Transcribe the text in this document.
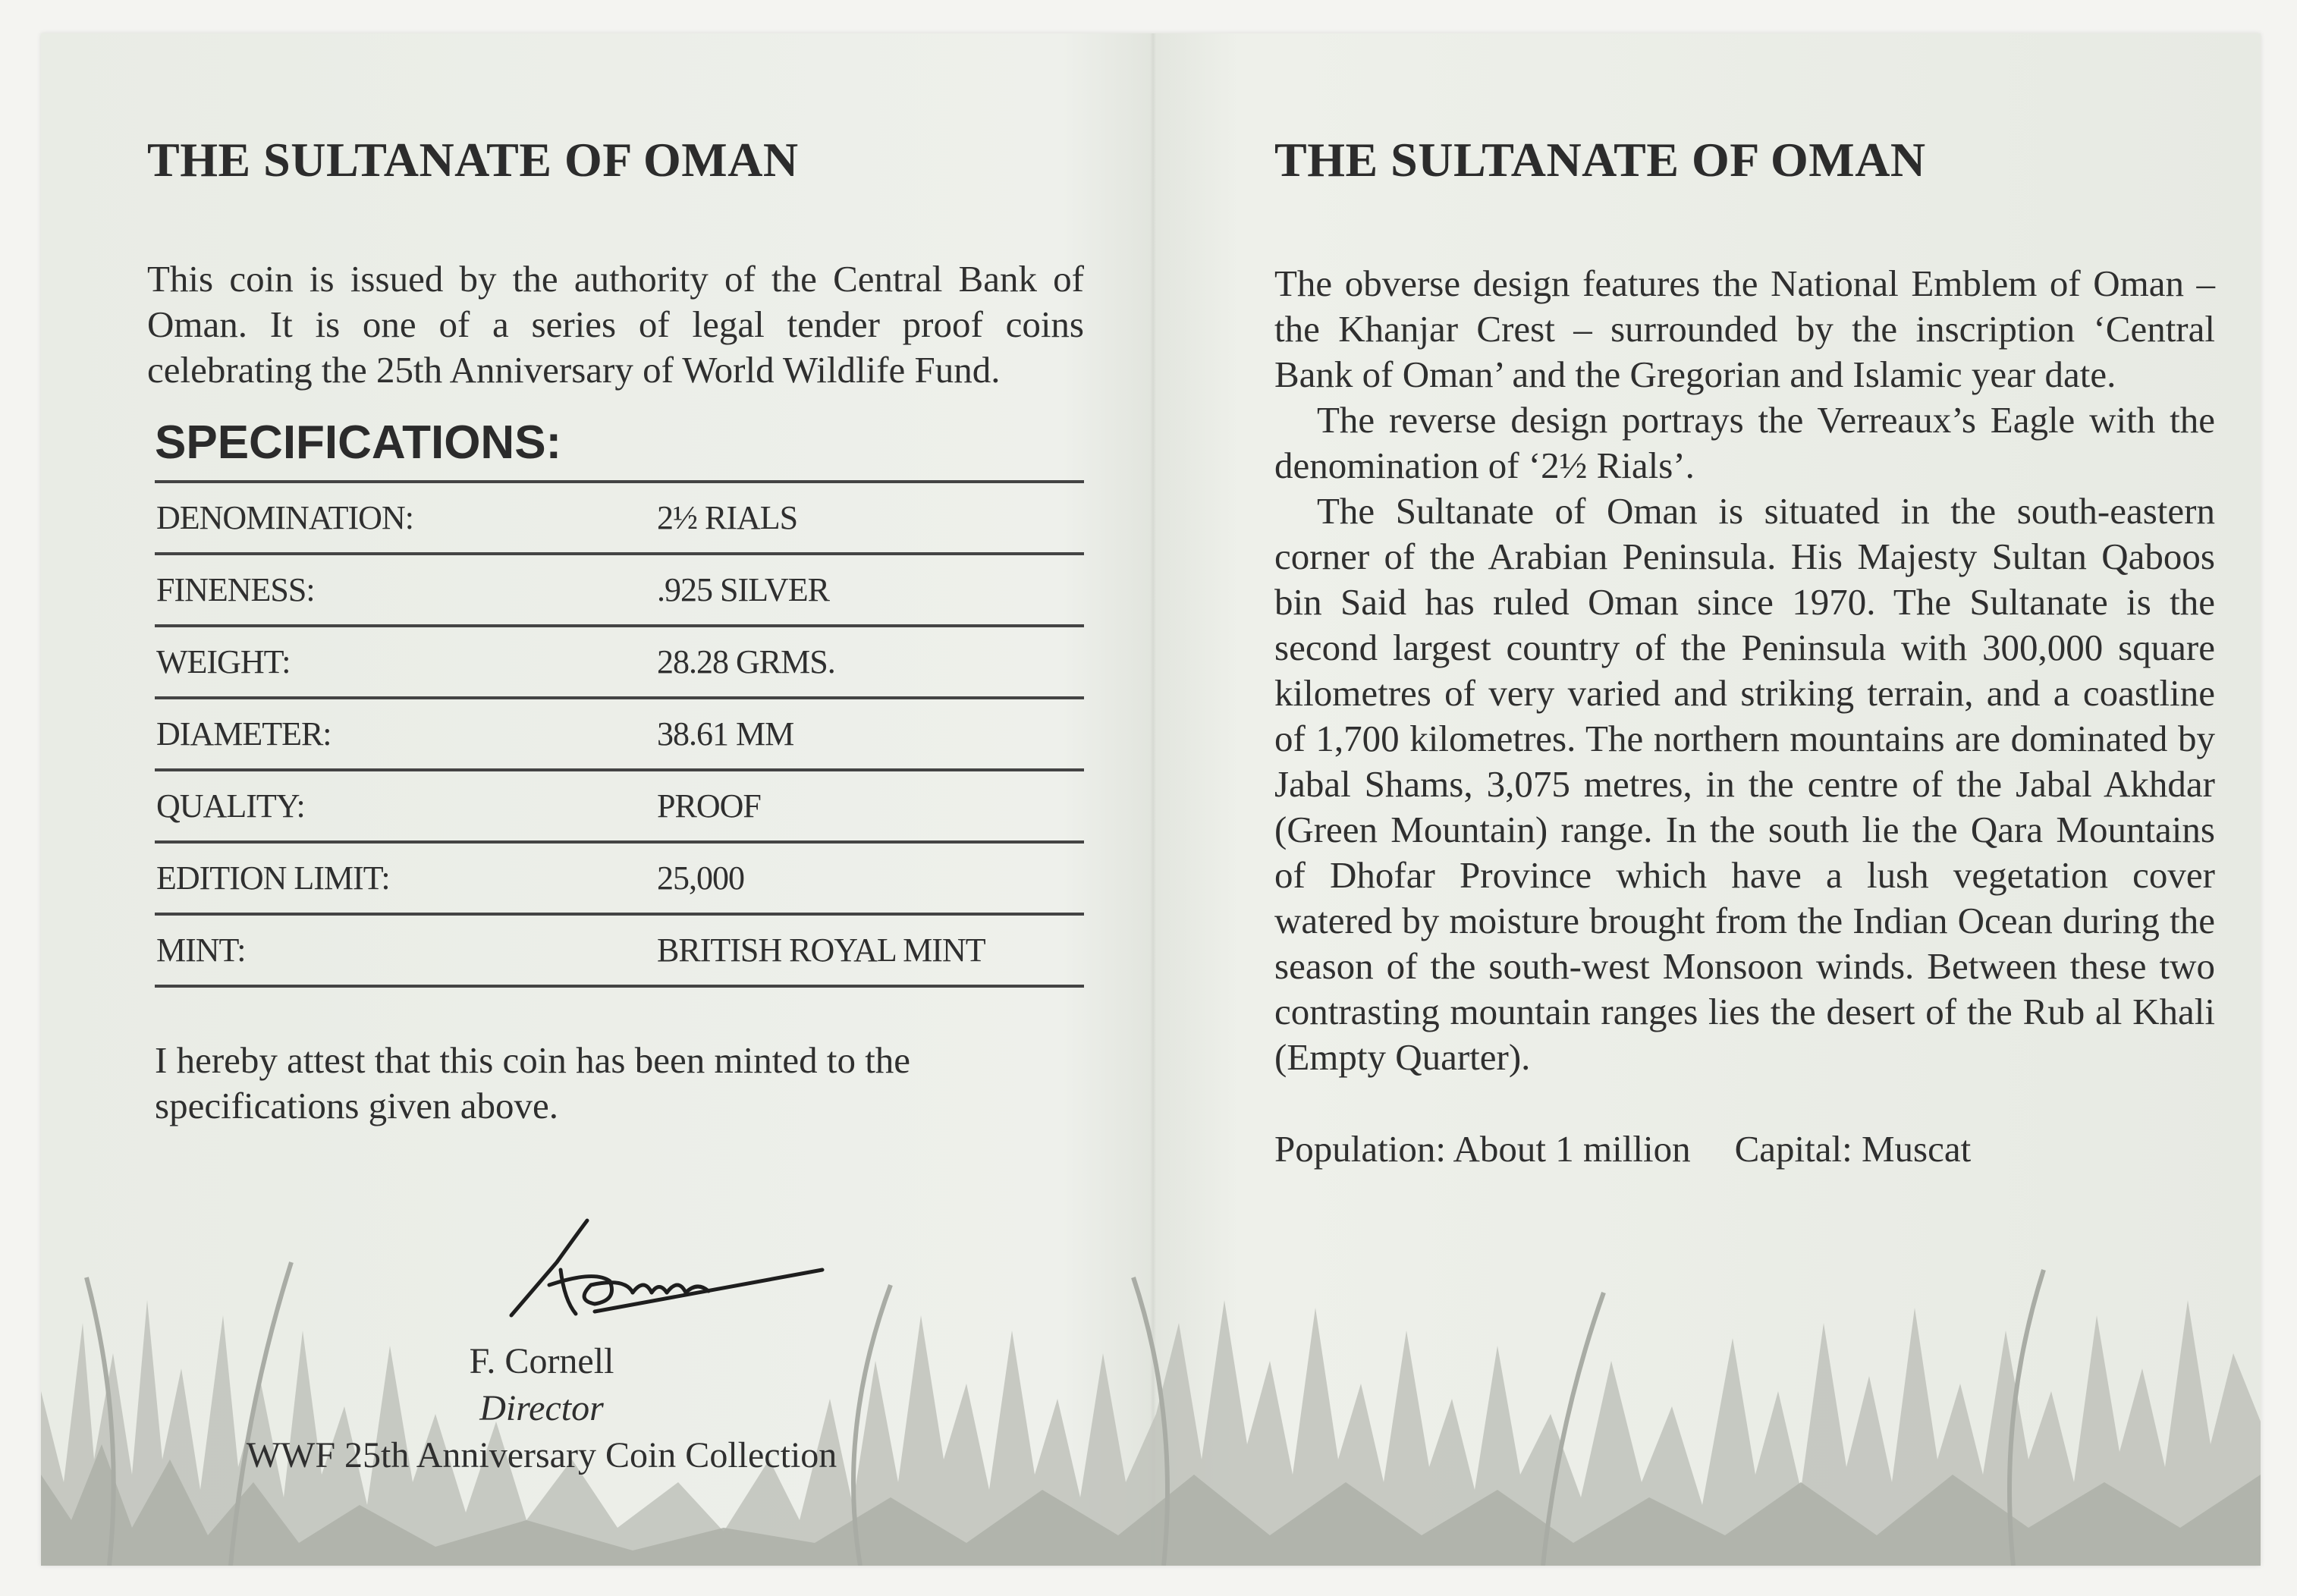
THE SULTANATE OF OMAN
This coin is issued by the authority of the Central Bank of Oman. It is one of a series of legal tender proof coins celebrating the 25th Anniversary of World Wildlife Fund.
SPECIFICATIONS:
DENOMINATION:	2½ RIALS
FINENESS:	.925 SILVER
WEIGHT:	28.28 GRMS.
DIAMETER:	38.61 MM
QUALITY:	PROOF
EDITION LIMIT:	25,000
MINT:	BRITISH ROYAL MINT
I hereby attest that this coin has been minted to the specifications given above.
F. Cornell
Director
WWF 25th Anniversary Coin Collection
THE SULTANATE OF OMAN

The obverse design features the National Emblem of Oman – the Khanjar Crest – surrounded by the inscription ‘Central Bank of Oman’ and the Gregorian and Islamic year date.

The reverse design portrays the Verreaux’s Eagle with the denomination of ‘2½ Rials’.

The Sultanate of Oman is situated in the south-eastern corner of the Arabian Peninsula. His Majesty Sultan Qaboos bin Said has ruled Oman since 1970. The Sultanate is the second largest country of the Peninsula with 300,000 square kilometres of very varied and striking terrain, and a coastline of 1,700 kilometres. The northern mountains are dominated by Jabal Shams, 3,075 metres, in the centre of the Jabal Akhdar (Green Mountain) range. In the south lie the Qara Mountains of Dhofar Province which have a lush vegetation cover watered by moisture brought from the Indian Ocean during the season of the south-west Monsoon winds. Between these two contrasting mountain ranges lies the desert of the Rub al Khali (Empty Quarter).

Population: About 1 million Capital: Muscat
